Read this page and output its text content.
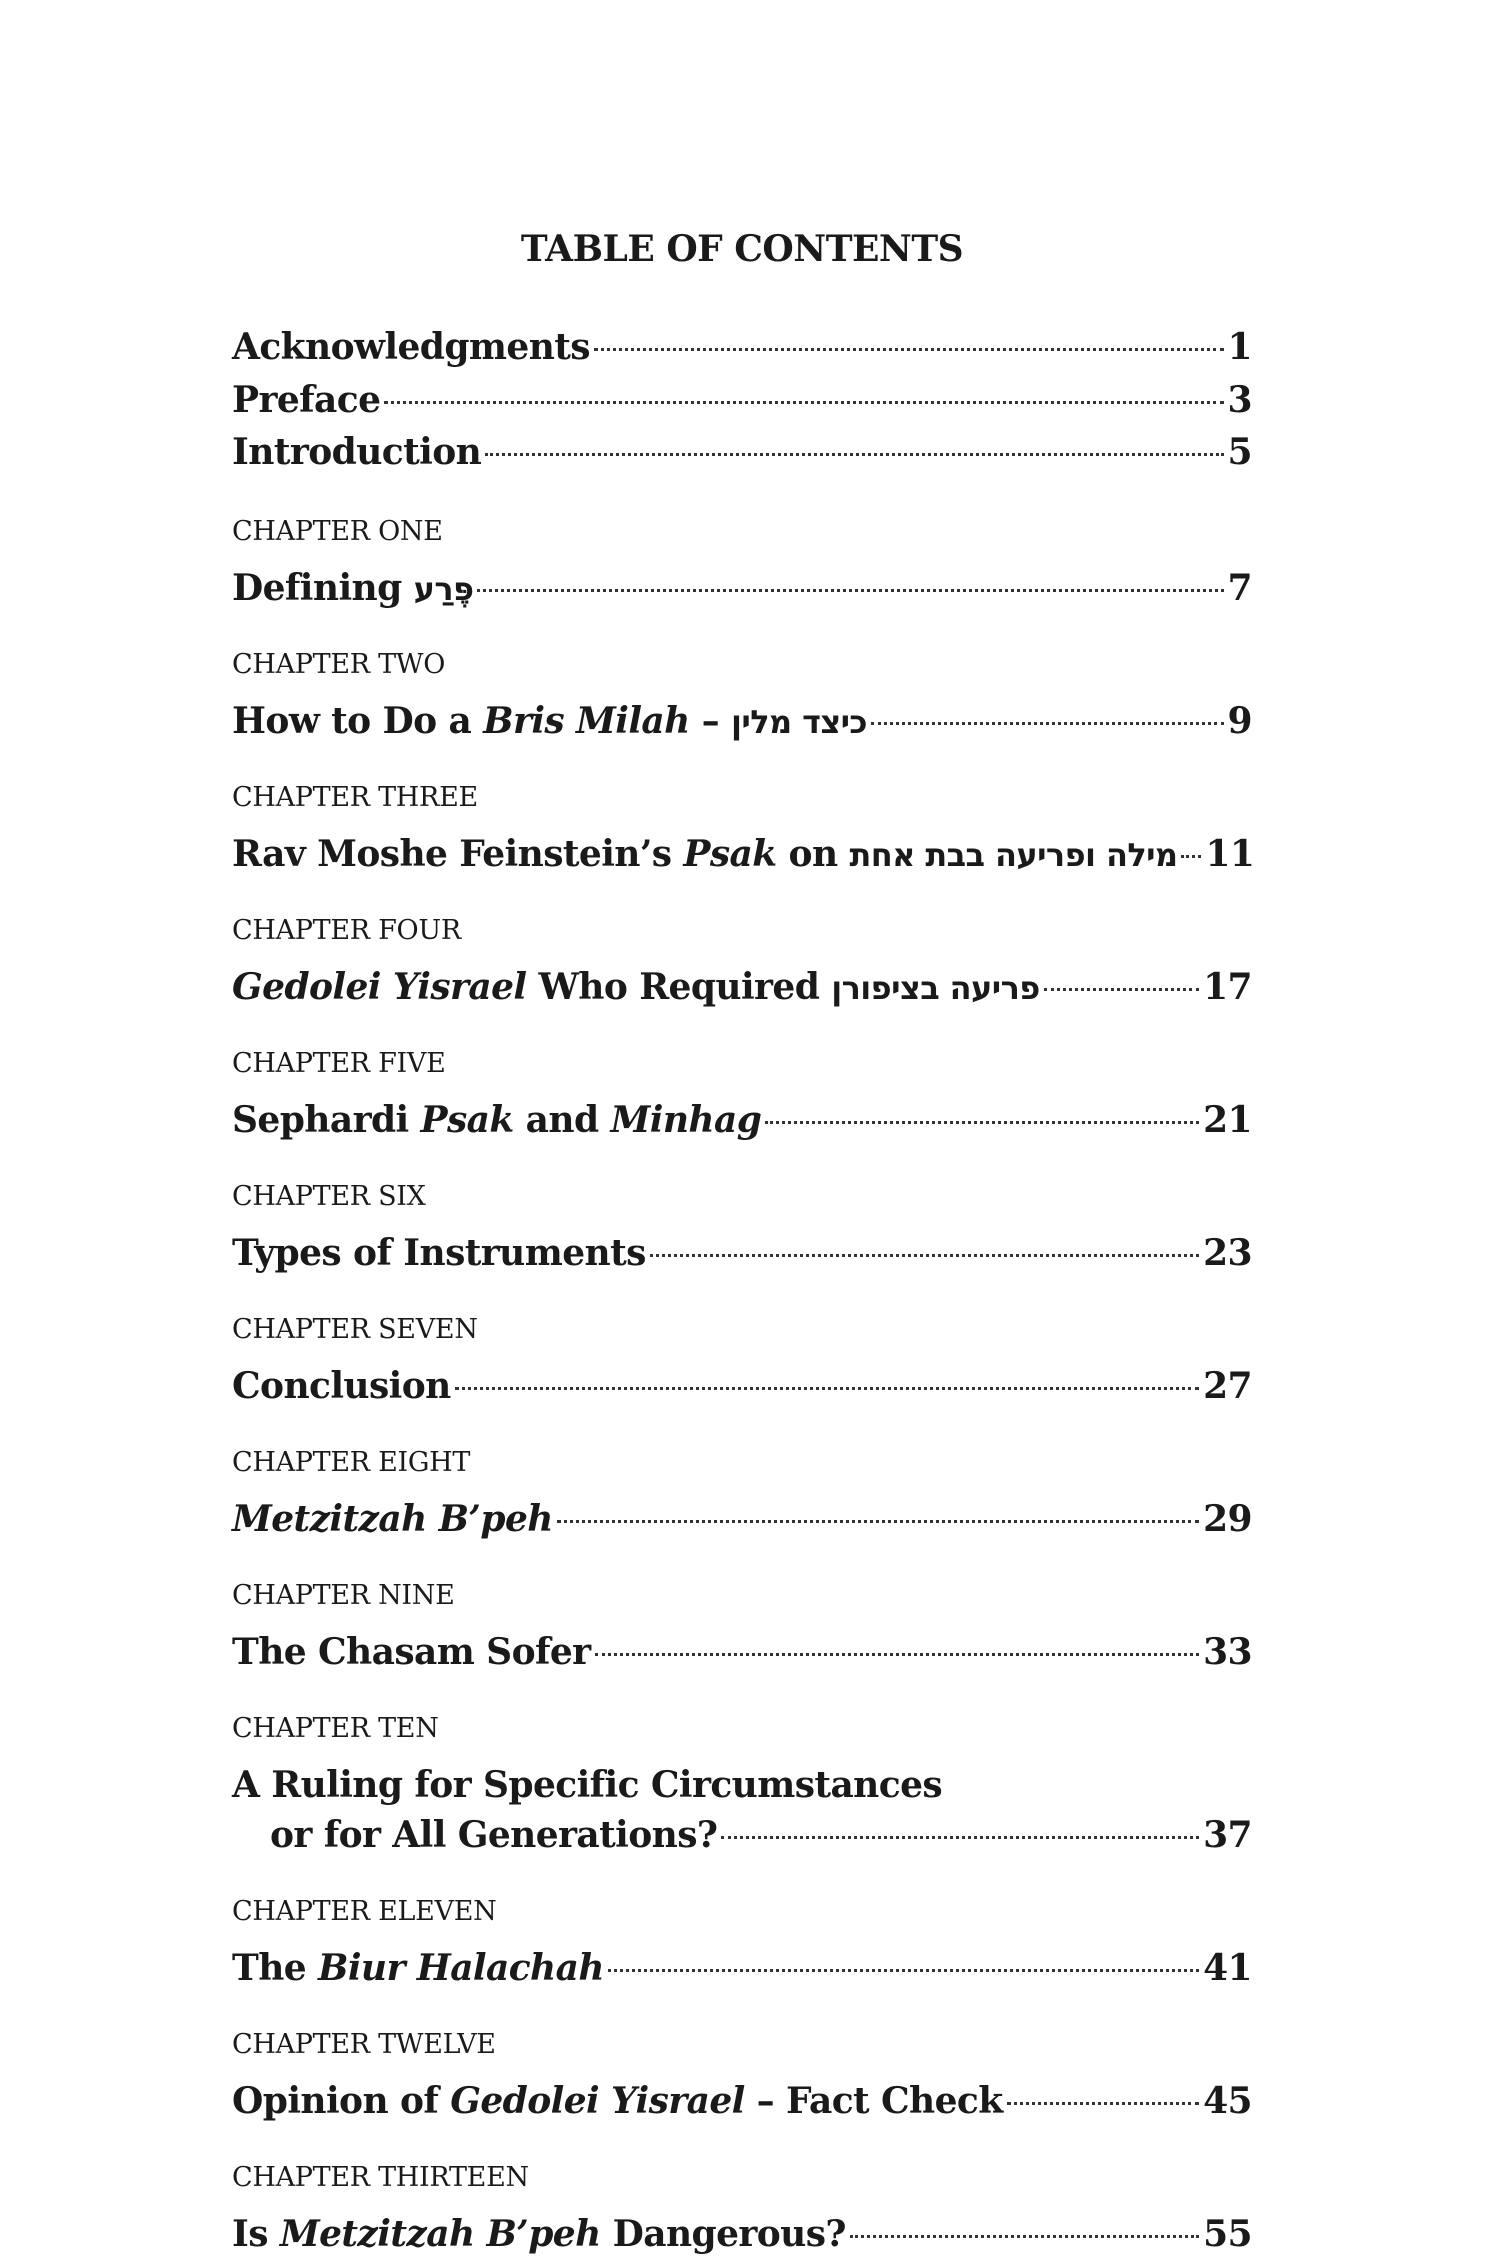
TABLE OF CONTENTS
Acknowledgments	1
Preface	3
Introduction	5
CHAPTER ONE
Defining פֶּרַע	7
CHAPTER TWO
How to Do a Bris Milah – כיצד מלין	9
CHAPTER THREE
Rav Moshe Feinstein’s Psak on מילה ופריעה בבת אחת 11
CHAPTER FOUR
Gedolei Yisrael Who Required פריעה בציפורן	17
CHAPTER FIVE
Sephardi Psak and Minhag	21
CHAPTER SIX
Types of Instruments	23
CHAPTER SEVEN
Conclusion	27
CHAPTER EIGHT
Metzitzah B’peh	29
CHAPTER NINE
The Chasam Sofer	33
CHAPTER TEN
A Ruling for Specific Circumstances
or for All Generations?	37
CHAPTER ELEVEN
The Biur Halachah	41
CHAPTER TWELVE
Opinion of Gedolei Yisrael – Fact Check	45
CHAPTER THIRTEEN
Is Metzitzah B’peh Dangerous?	55
